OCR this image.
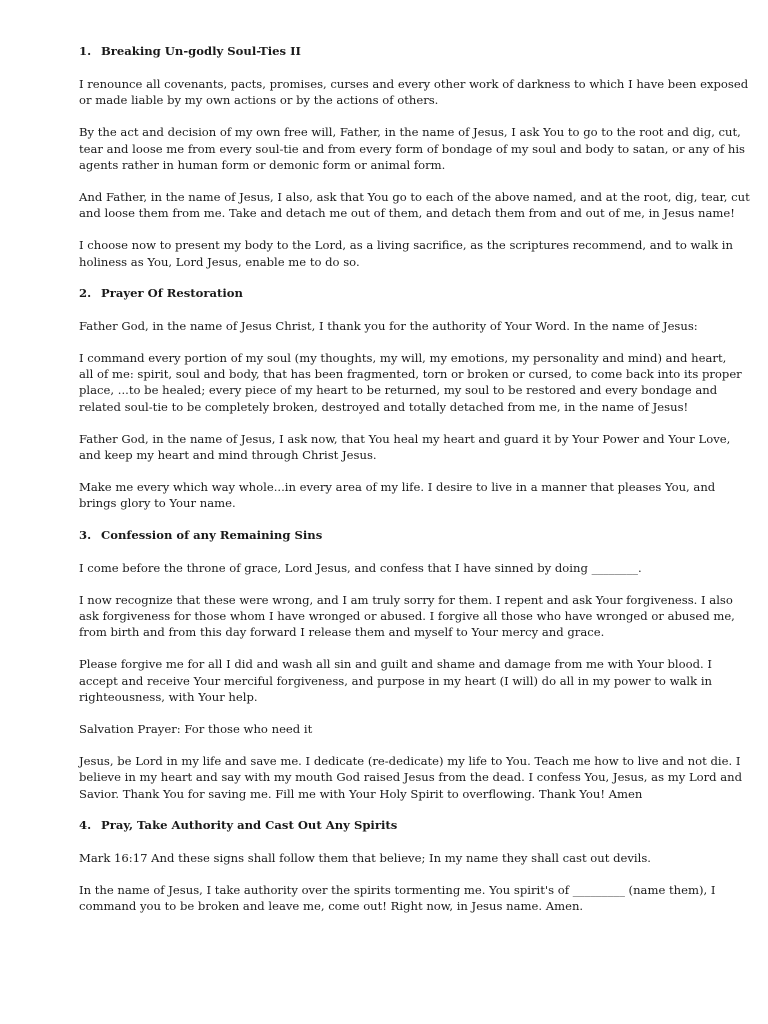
1. Breaking Un-godly Soul-Ties II
I renounce all covenants, pacts, promises, curses and every other work of darkness to which I have been exposed
or made liable by my own actions or by the actions of others.
By the act and decision of my own free will, Father, in the name of Jesus, I ask You to go to the root and dig, cut,
tear and loose me from every soul-tie and from every form of bondage of my soul and body to satan, or any of his
agents rather in human form or demonic form or animal form.
And Father, in the name of Jesus, I also, ask that You go to each of the above named, and at the root, dig, tear, cut
and loose them from me. Take and detach me out of them, and detach them from and out of me, in Jesus name!
I choose now to present my body to the Lord, as a living sacrifice, as the scriptures recommend, and to walk in
holiness as You, Lord Jesus, enable me to do so.
2. Prayer Of Restoration
Father God, in the name of Jesus Christ, I thank you for the authority of Your Word. In the name of Jesus:
I command every portion of my soul (my thoughts, my will, my emotions, my personality and mind) and heart,
all of me: spirit, soul and body, that has been fragmented, torn or broken or cursed, to come back into its proper
place, ...to be healed; every piece of my heart to be returned, my soul to be restored and every bondage and
related soul-tie to be completely broken, destroyed and totally detached from me, in the name of Jesus!
Father God, in the name of Jesus, I ask now, that You heal my heart and guard it by Your Power and Your Love,
and keep my heart and mind through Christ Jesus.
Make me every which way whole...in every area of my life. I desire to live in a manner that pleases You, and
brings glory to Your name.
3. Confession of any Remaining Sins
I come before the throne of grace, Lord Jesus, and confess that I have sinned by doing ________.
I now recognize that these were wrong, and I am truly sorry for them. I repent and ask Your forgiveness. I also
ask forgiveness for those whom I have wronged or abused. I forgive all those who have wronged or abused me,
from birth and from this day forward I release them and myself to Your mercy and grace.
Please forgive me for all I did and wash all sin and guilt and shame and damage from me with Your blood. I
accept and receive Your merciful forgiveness, and purpose in my heart (I will) do all in my power to walk in
righteousness, with Your help.
Salvation Prayer: For those who need it
Jesus, be Lord in my life and save me. I dedicate (re-dedicate) my life to You. Teach me how to live and not die. I
believe in my heart and say with my mouth God raised Jesus from the dead. I confess You, Jesus, as my Lord and
Savior. Thank You for saving me. Fill me with Your Holy Spirit to overflowing. Thank You! Amen
4. Pray, Take Authority and Cast Out Any Spirits
Mark 16:17 And these signs shall follow them that believe; In my name they shall cast out devils.
In the name of Jesus, I take authority over the spirits tormenting me. You spirit's of _________ (name them), I
command you to be broken and leave me, come out! Right now, in Jesus name. Amen.
